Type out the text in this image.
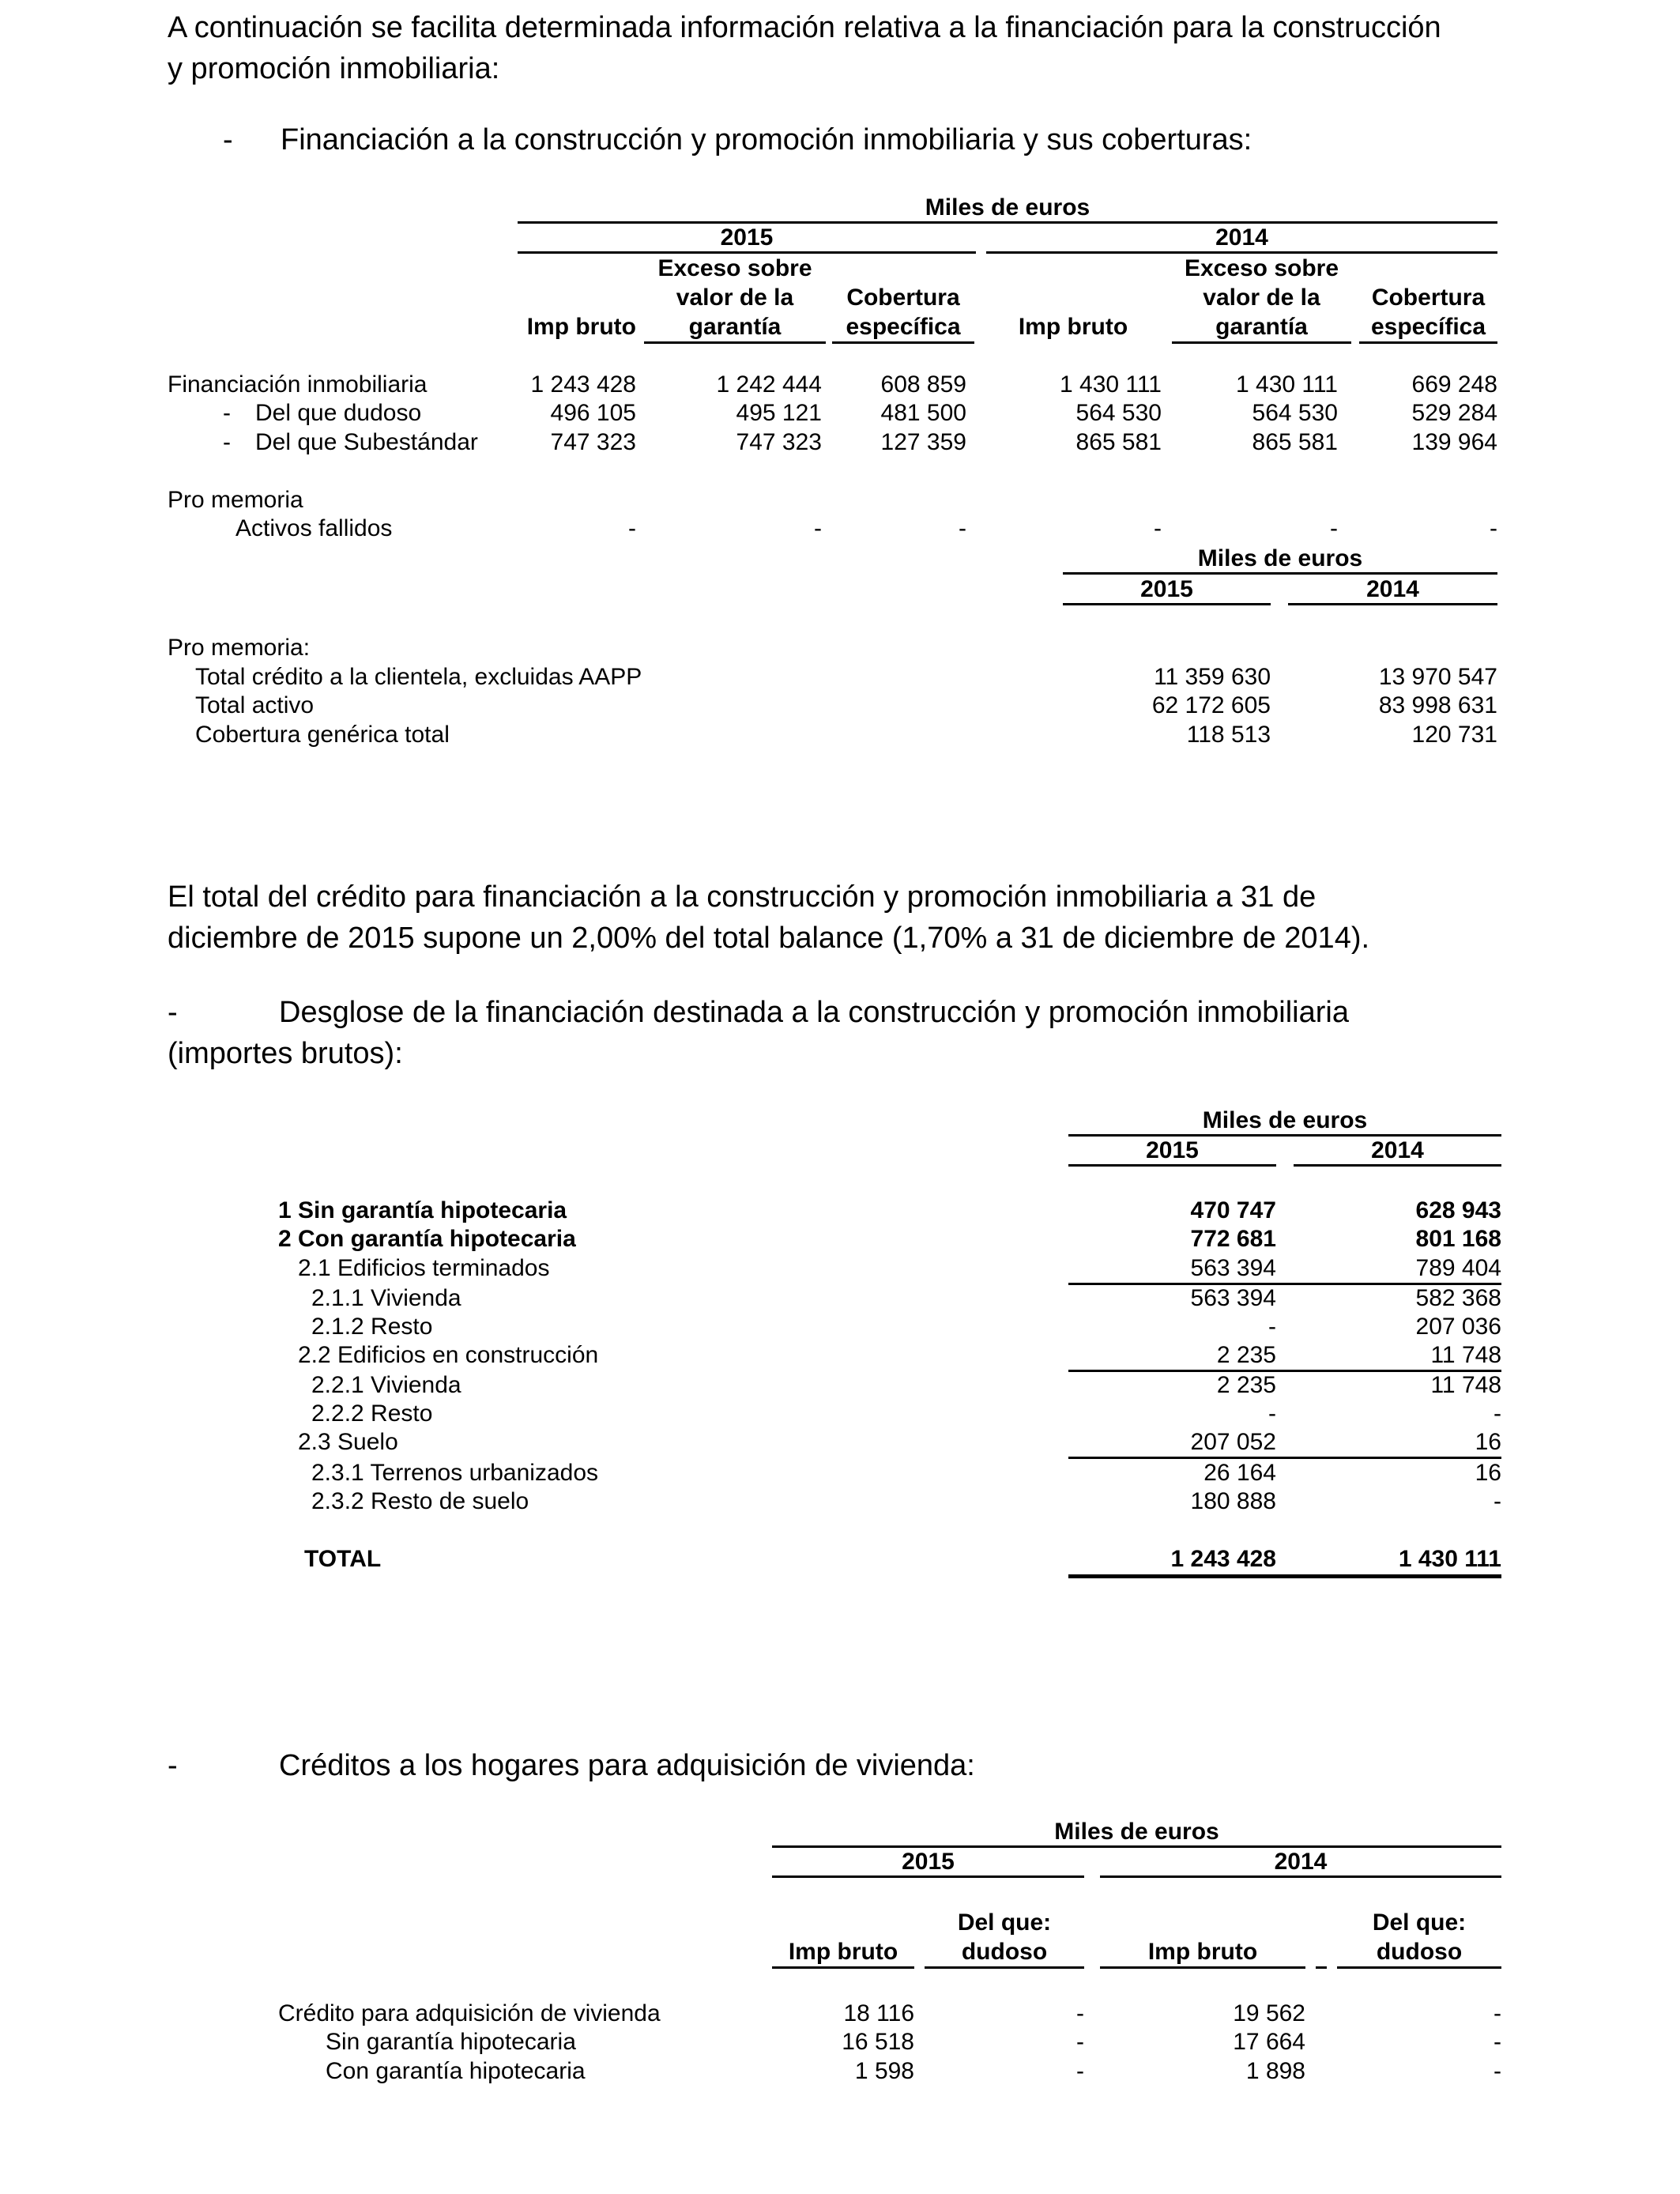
A continuación se facilita determinada información relativa a la financiación para la construcción
y promoción inmobiliaria:
- Financiación a la construcción y promoción inmobiliaria y sus coberturas:
Miles de euros
2015	2014
Imp bruto
Exceso sobre
valor de la
garantía
Cobertura
específica	Imp bruto
Exceso sobre
valor de la
garantía
Cobertura
específica
Financiación inmobiliaria	1 243 428	1 242 444	608 859	1 430 111	1 430 111	669 248
- Del que dudoso	496 105	495 121	481 500	564 530	564 530	529 284
- Del que Subestándar	747 323	747 323	127 359	865 581	865 581	139 964
Pro memoria
Activos fallidos	-	-	-	-	-	-
Miles de euros
2015	2014
Pro memoria:
Total crédito a la clientela, excluidas AAPP	11 359 630	13 970 547
Total activo	62 172 605	83 998 631
Cobertura genérica total	118 513	120 731
El total del crédito para financiación a la construcción y promoción inmobiliaria a 31 de
diciembre de 2015 supone un 2,00% del total balance (1,70% a 31 de diciembre de 2014).
-	Desglose de la financiación destinada a la construcción y promoción inmobiliaria
(importes brutos):
Miles de euros
2015	2014
1 Sin garantía hipotecaria	470 747	628 943
2 Con garantía hipotecaria	772 681	801 168
2.1 Edificios terminados	563 394	789 404
2.1.1 Vivienda	563 394	582 368
2.1.2 Resto	-	207 036
2.2 Edificios en construcción	2 235	11 748
2.2.1 Vivienda	2 235	11 748
2.2.2 Resto	-	-
2.3 Suelo	207 052	16
2.3.1 Terrenos urbanizados	26 164	16
2.3.2 Resto de suelo	180 888	-
TOTAL	1 243 428	1 430 111
-	Créditos a los hogares para adquisición de vivienda:
Miles de euros
2015	2014
Imp bruto
Del que:
dudoso	Imp bruto
Del que:
dudoso
Crédito para adquisición de vivienda	18 116	-	19 562	-
Sin garantía hipotecaria	16 518	-	17 664	-
Con garantía hipotecaria	1 598	-	1 898	-
